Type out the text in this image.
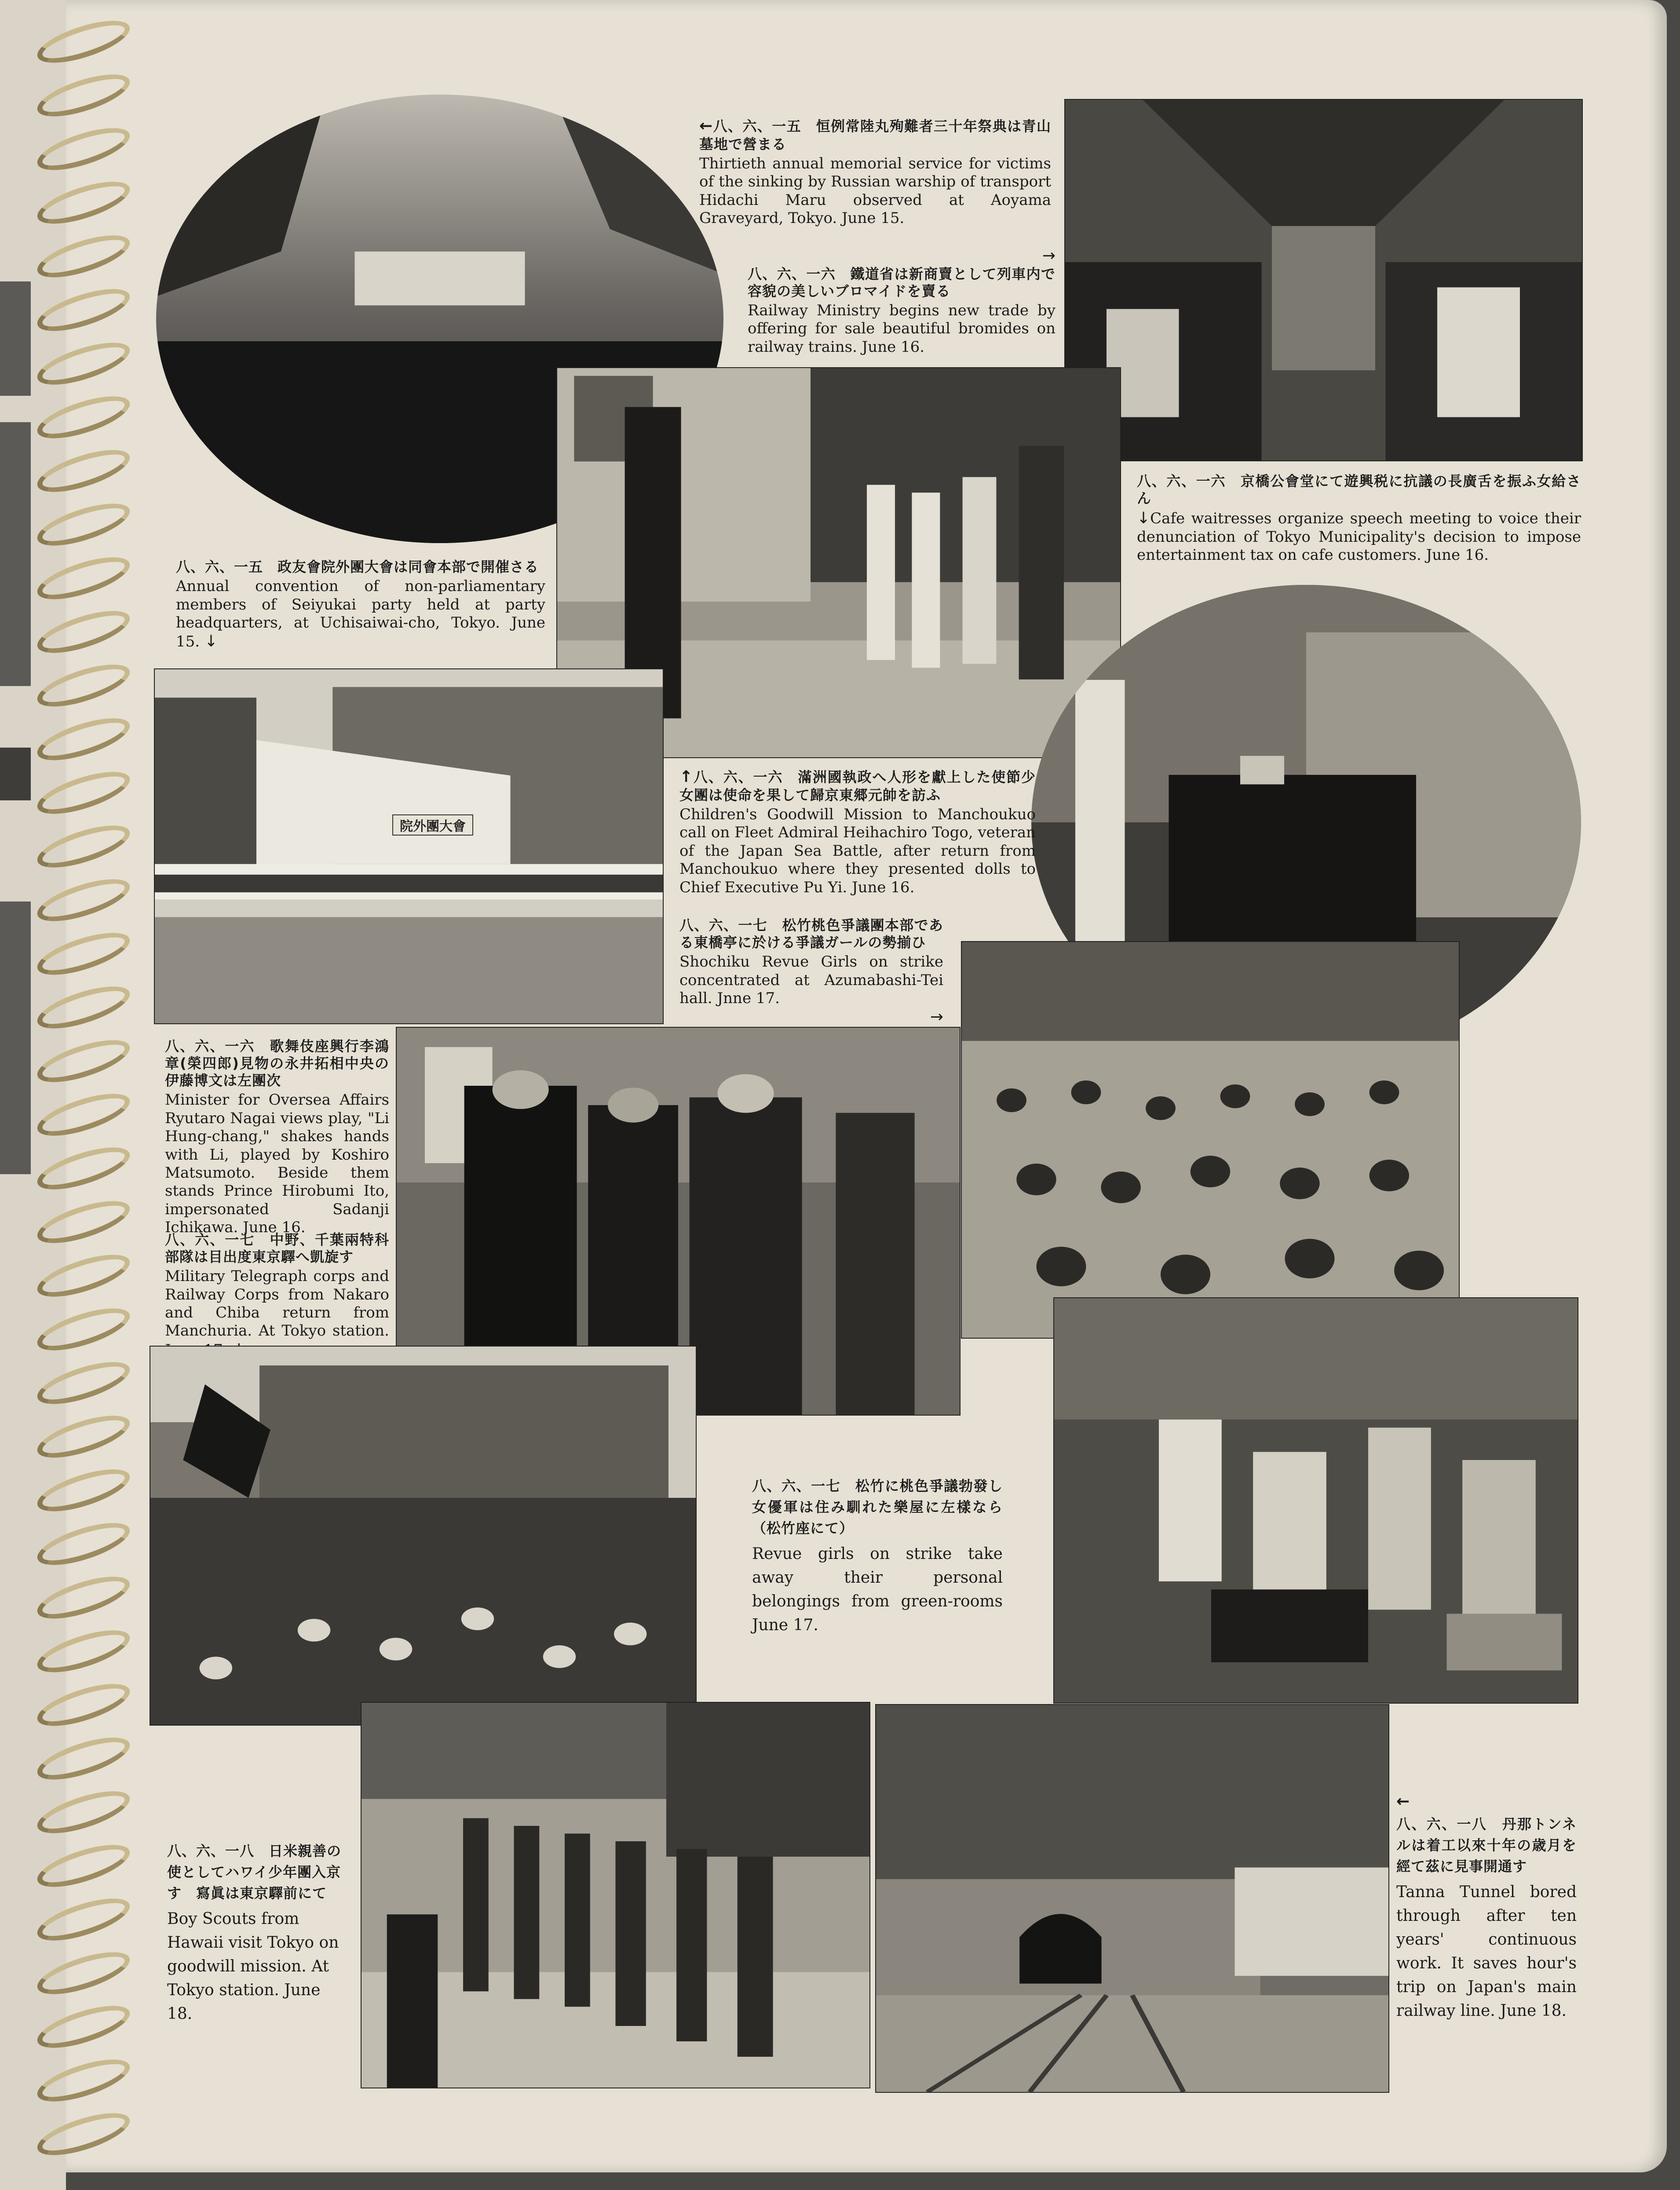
←八、六、一五　恒例常陸丸殉難者三十年祭典は青山墓地で營まる
Thirtieth annual memorial service for victims of the sinking by Russian warship of transport Hidachi Maru observed at Aoyama Graveyard, Tokyo. June 15.
→
八、六、一六　鐵道省は新商賣として列車内で容貌の美しいブロマイドを賣る
Railway Ministry begins new trade by offering for sale beautiful bromides on railway trains. June 16.
八、六、一五　政友會院外團大會は同會本部で開催さる
Annual convention of non-parliamentary members of Seiyukai party held at party headquarters, at Uchisaiwai-cho, Tokyo. June 15. ↓
八、六、一六　京橋公會堂にて遊興税に抗議の長廣舌を振ふ女給さん
↓Cafe waitresses organize speech meeting to voice their denunciation of Tokyo Municipality's decision to impose entertainment tax on cafe customers. June 16.
院外團大會
↑八、六、一六　滿洲國執政へ人形を獻上した使節少女團は使命を果して歸京東郷元帥を訪ふ
Children's Goodwill Mission to Manchoukuo call on Fleet Admiral Heihachiro Togo, veteran of the Japan Sea Battle, after return from Manchoukuo where they presented dolls to Chief Executive Pu Yi. June 16.
八、六、一七　松竹桃色爭議團本部である東橋亭に於ける爭議ガールの勢揃ひ
Shochiku Revue Girls on strike concentrated at Azumabashi-Tei hall. Jnne 17.
→
八、六、一六　歌舞伎座興行李鴻章(榮四郎)見物の永井拓相中央の伊藤博文は左團次
Minister for Oversea Affairs Ryutaro Nagai views play, "Li Hung-chang," shakes hands with Li, played by Koshiro Matsumoto. Beside them stands Prince Hirobumi Ito, impersonated Sadanji Ichikawa. June 16.
八、六、一七　中野、千葉兩特科部隊は目出度東京驛へ凱旋す
Military Telegraph corps and Railway Corps from Nakaro and Chiba return from Manchuria. At Tokyo station.
八、六、一七　松竹に桃色爭議勃發し女優軍は住み馴れた樂屋に左樣なら（松竹座にて）
Revue girls on strike take away their personal belongings from green-rooms June 17.
八、六、一八　日米親善の使としてハワイ少年團入京す　寫眞は東京驛前にて
Boy Scouts from Hawaii visit Tokyo on goodwill mission. At Tokyo station. June 18.
←
八、六、一八　丹那トンネルは着工以來十年の歳月を經て茲に見事開通す
Tanna Tunnel bored through after ten years' continuous work. It saves hour's trip on Japan's main railway line. June 18.
